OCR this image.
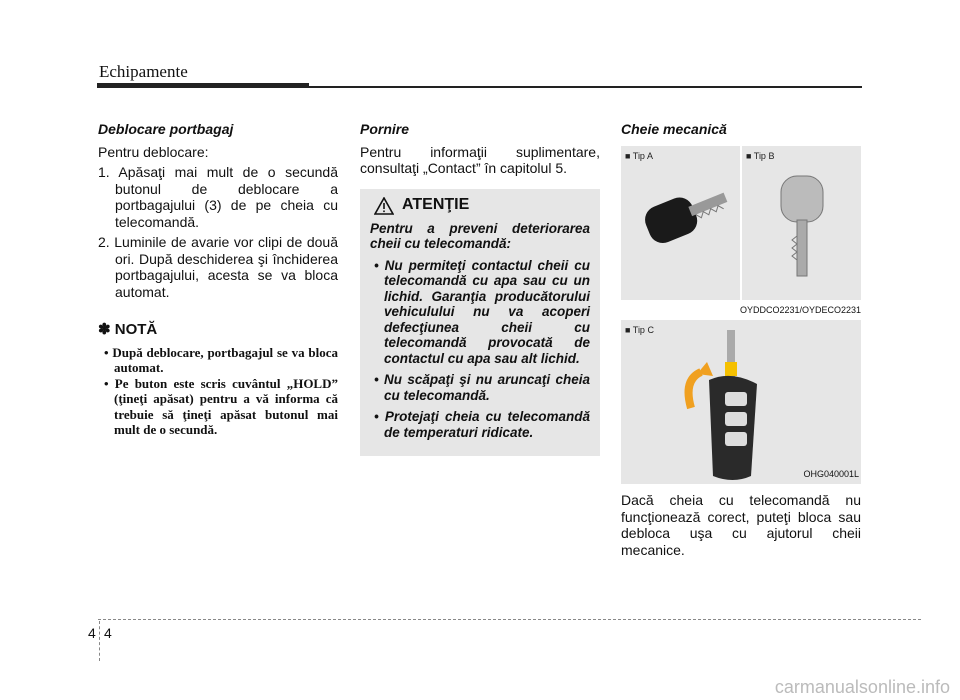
Echipamente
Deblocare portbagaj

Pentru deblocare:

1. Apăsaţi mai mult de o secundă butonul de deblocare a portbagajului (3) de pe cheia cu telecomandă.
2. Luminile de avarie vor clipi de două ori. După deschiderea şi închiderea portbagajului, acesta se va bloca automat.
✽ NOTĂ
• După deblocare, portbagajul se va bloca automat.
• Pe buton este scris cuvântul „HOLD” (ţineţi apăsat) pentru a vă informa că trebuie să ţineţi apăsat butonul mai mult de o secundă.
Pornire

Pentru informaţii suplimentare, consultaţi „Contact” în capitolul 5.

ATENŢIE
Pentru a preveni deteriorarea cheii cu telecomandă:
• Nu permiteţi contactul cheii cu telecomandă cu apa sau cu un lichid. Garanţia producătorului vehiculului nu va acoperi defecţiunea cheii cu telecomandă provocată de contactul cu apa sau alt lichid.
• Nu scăpaţi şi nu aruncaţi cheia cu telecomandă.
• Protejaţi cheia cu telecomandă de temperaturi ridicate.
Cheie mecanică
■ Tip A	■ Tip B
OYDDCO2231/OYDECO2231
■ Tip C
OHG040001L

Dacă cheia cu telecomandă nu funcţionează corect, puteţi bloca sau debloca uşa cu ajutorul cheii mecanice.

4 4
carmanualsonline.info
